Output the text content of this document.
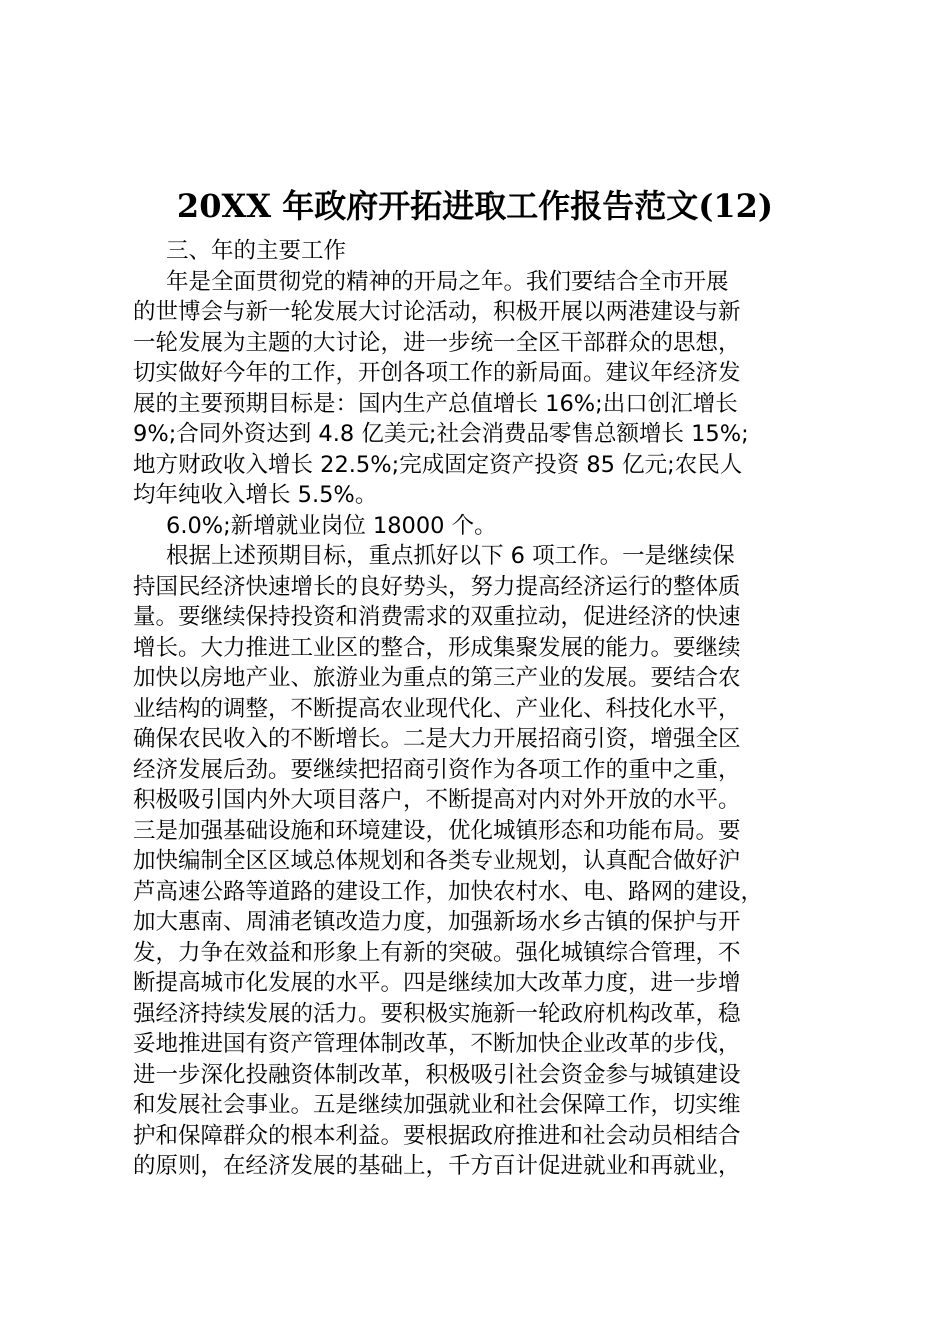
20XX 年政府开拓进取工作报告范文(12)
三、年的主要工作
年是全面贯彻党的精神的开局之年。我们要结合全市开展
的世博会与新一轮发展大讨论活动，积极开展以两港建设与新
一轮发展为主题的大讨论，进一步统一全区干部群众的思想，
切实做好今年的工作，开创各项工作的新局面。建议年经济发
展的主要预期目标是：国内生产总值增长 16%;出口创汇增长
9%;合同外资达到 4.8 亿美元;社会消费品零售总额增长 15%;
地方财政收入增长 22.5%;完成固定资产投资 85 亿元;农民人
均年纯收入增长 5.5%。
6.0%;新增就业岗位 18000 个。
根据上述预期目标，重点抓好以下 6 项工作。一是继续保
持国民经济快速增长的良好势头，努力提高经济运行的整体质
量。要继续保持投资和消费需求的双重拉动，促进经济的快速
增长。大力推进工业区的整合，形成集聚发展的能力。要继续
加快以房地产业、旅游业为重点的第三产业的发展。要结合农
业结构的调整，不断提高农业现代化、产业化、科技化水平，
确保农民收入的不断增长。二是大力开展招商引资，增强全区
经济发展后劲。要继续把招商引资作为各项工作的重中之重，
积极吸引国内外大项目落户，不断提高对内对外开放的水平。
三是加强基础设施和环境建设，优化城镇形态和功能布局。要
加快编制全区区域总体规划和各类专业规划，认真配合做好沪
芦高速公路等道路的建设工作，加快农村水、电、路网的建设，
加大惠南、周浦老镇改造力度，加强新场水乡古镇的保护与开
发，力争在效益和形象上有新的突破。强化城镇综合管理，不
断提高城市化发展的水平。四是继续加大改革力度，进一步增
强经济持续发展的活力。要积极实施新一轮政府机构改革，稳
妥地推进国有资产管理体制改革，不断加快企业改革的步伐，
进一步深化投融资体制改革，积极吸引社会资金参与城镇建设
和发展社会事业。五是继续加强就业和社会保障工作，切实维
护和保障群众的根本利益。要根据政府推进和社会动员相结合
的原则，在经济发展的基础上，千方百计促进就业和再就业，
